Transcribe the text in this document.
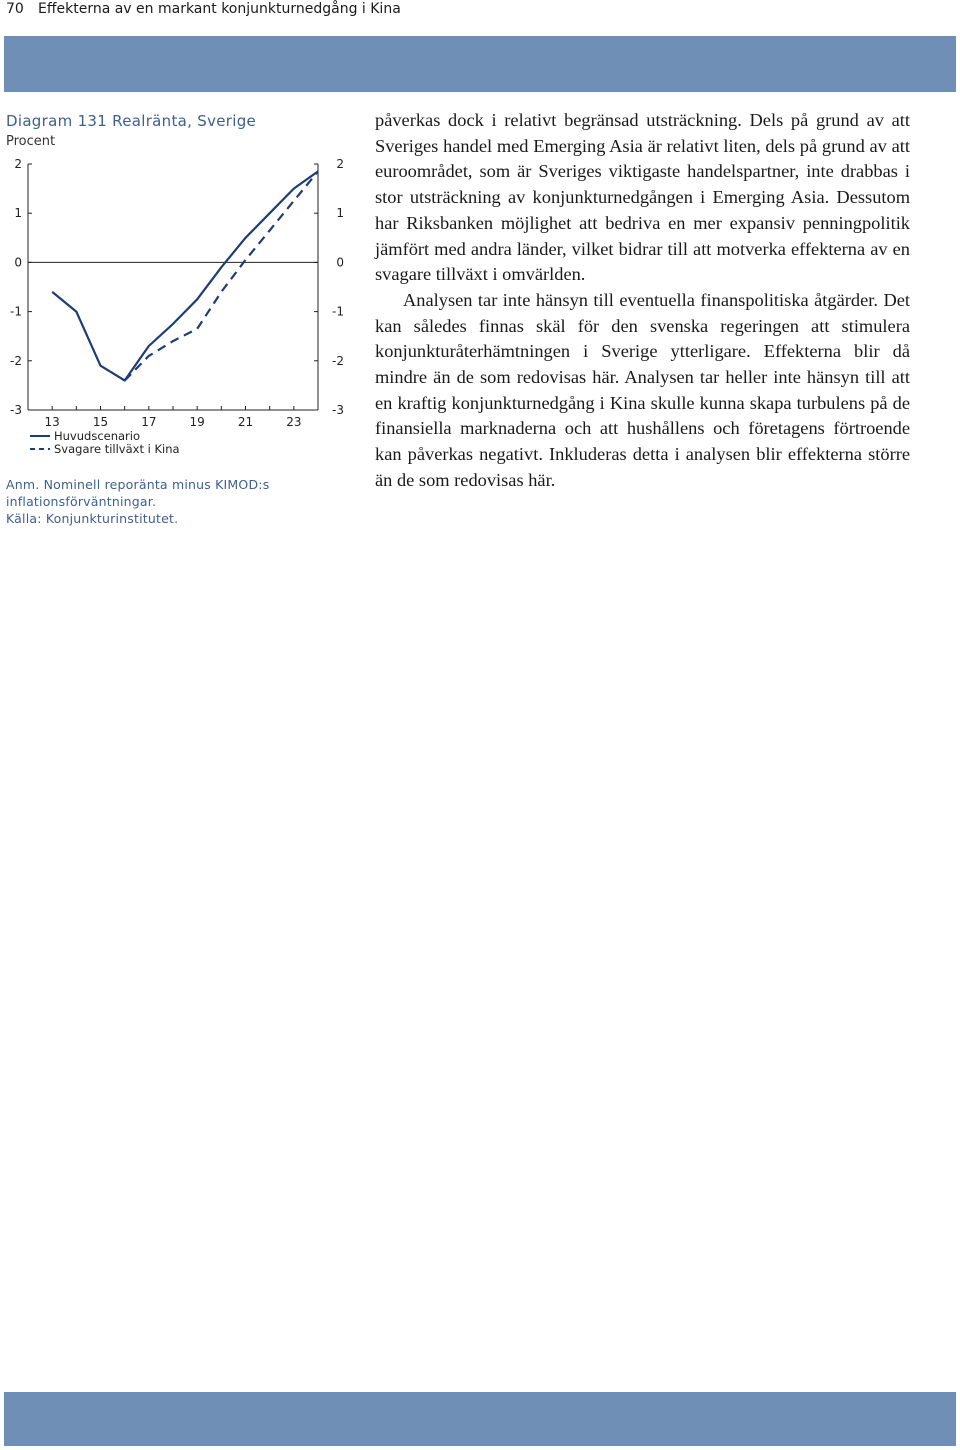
70 Effekterna av en markant konjunkturnedgång i Kina
Diagram 131 Realränta, Sverige
Procent
2	2
1	1
0	0
-1	-1
-2	-2
-3	-3
13	15	17	19	21	23
Huvudscenario
Svagare tillväxt i Kina
Anm. Nominell reporänta minus KIMOD:s
inflationsförväntningar.
Källa: Konjunkturinstitutet.

påverkas dock i relativt begränsad utsträckning. Dels på grund av att Sveriges handel med Emerging Asia är relativt liten, dels på grund av att euroområdet, som är Sveriges viktigaste handelspartner, inte drabbas i stor utsträckning av konjunkturnedgången i Emerging Asia. Dessutom har Riksbanken möjlighet att bedriva en mer expansiv penningpolitik jämfört med andra länder, vilket bidrar till att motverka effekterna av en svagare tillväxt i omvärlden.

Analysen tar inte hänsyn till eventuella finanspolitiska åtgärder. Det kan således finnas skäl för den svenska regeringen att stimulera konjunkturåterhämtningen i Sverige ytterligare. Effekterna blir då mindre än de som redovisas här. Analysen tar heller inte hänsyn till att en kraftig konjunkturnedgång i Kina skulle kunna skapa turbulens på de finansiella marknaderna och att hushållens och företagens förtroende kan påverkas negativt. Inkluderas detta i analysen blir effekterna större än de som redovisas här.
